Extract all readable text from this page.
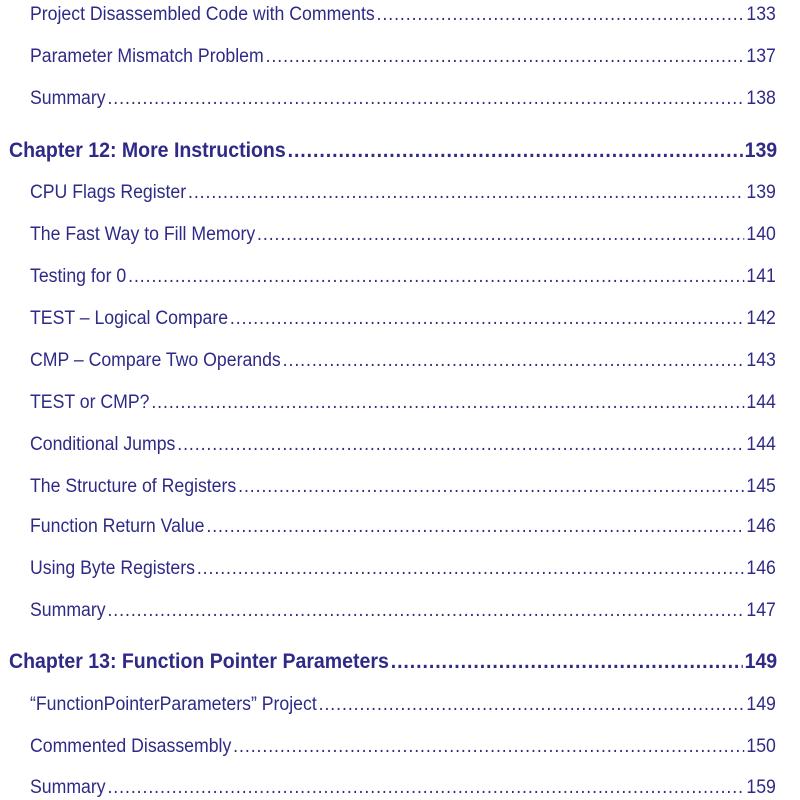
Project Disassembled Code with Comments .....	133
Parameter Mismatch Problem .....	137
Summary .....	138
Chapter 12: More Instructions .....	139
CPU Flags Register .....	139
The Fast Way to Fill Memory .....	140
Testing for 0 .....	141
TEST – Logical Compare .....	142
CMP – Compare Two Operands .....	143
TEST or CMP? .....	144
Conditional Jumps .....	144
The Structure of Registers .....	145
Function Return Value .....	146
Using Byte Registers .....	146
Summary .....	147
Chapter 13: Function Pointer Parameters .....	149
“FunctionPointerParameters” Project .....	149
Commented Disassembly .....	150
Summary .....	159
